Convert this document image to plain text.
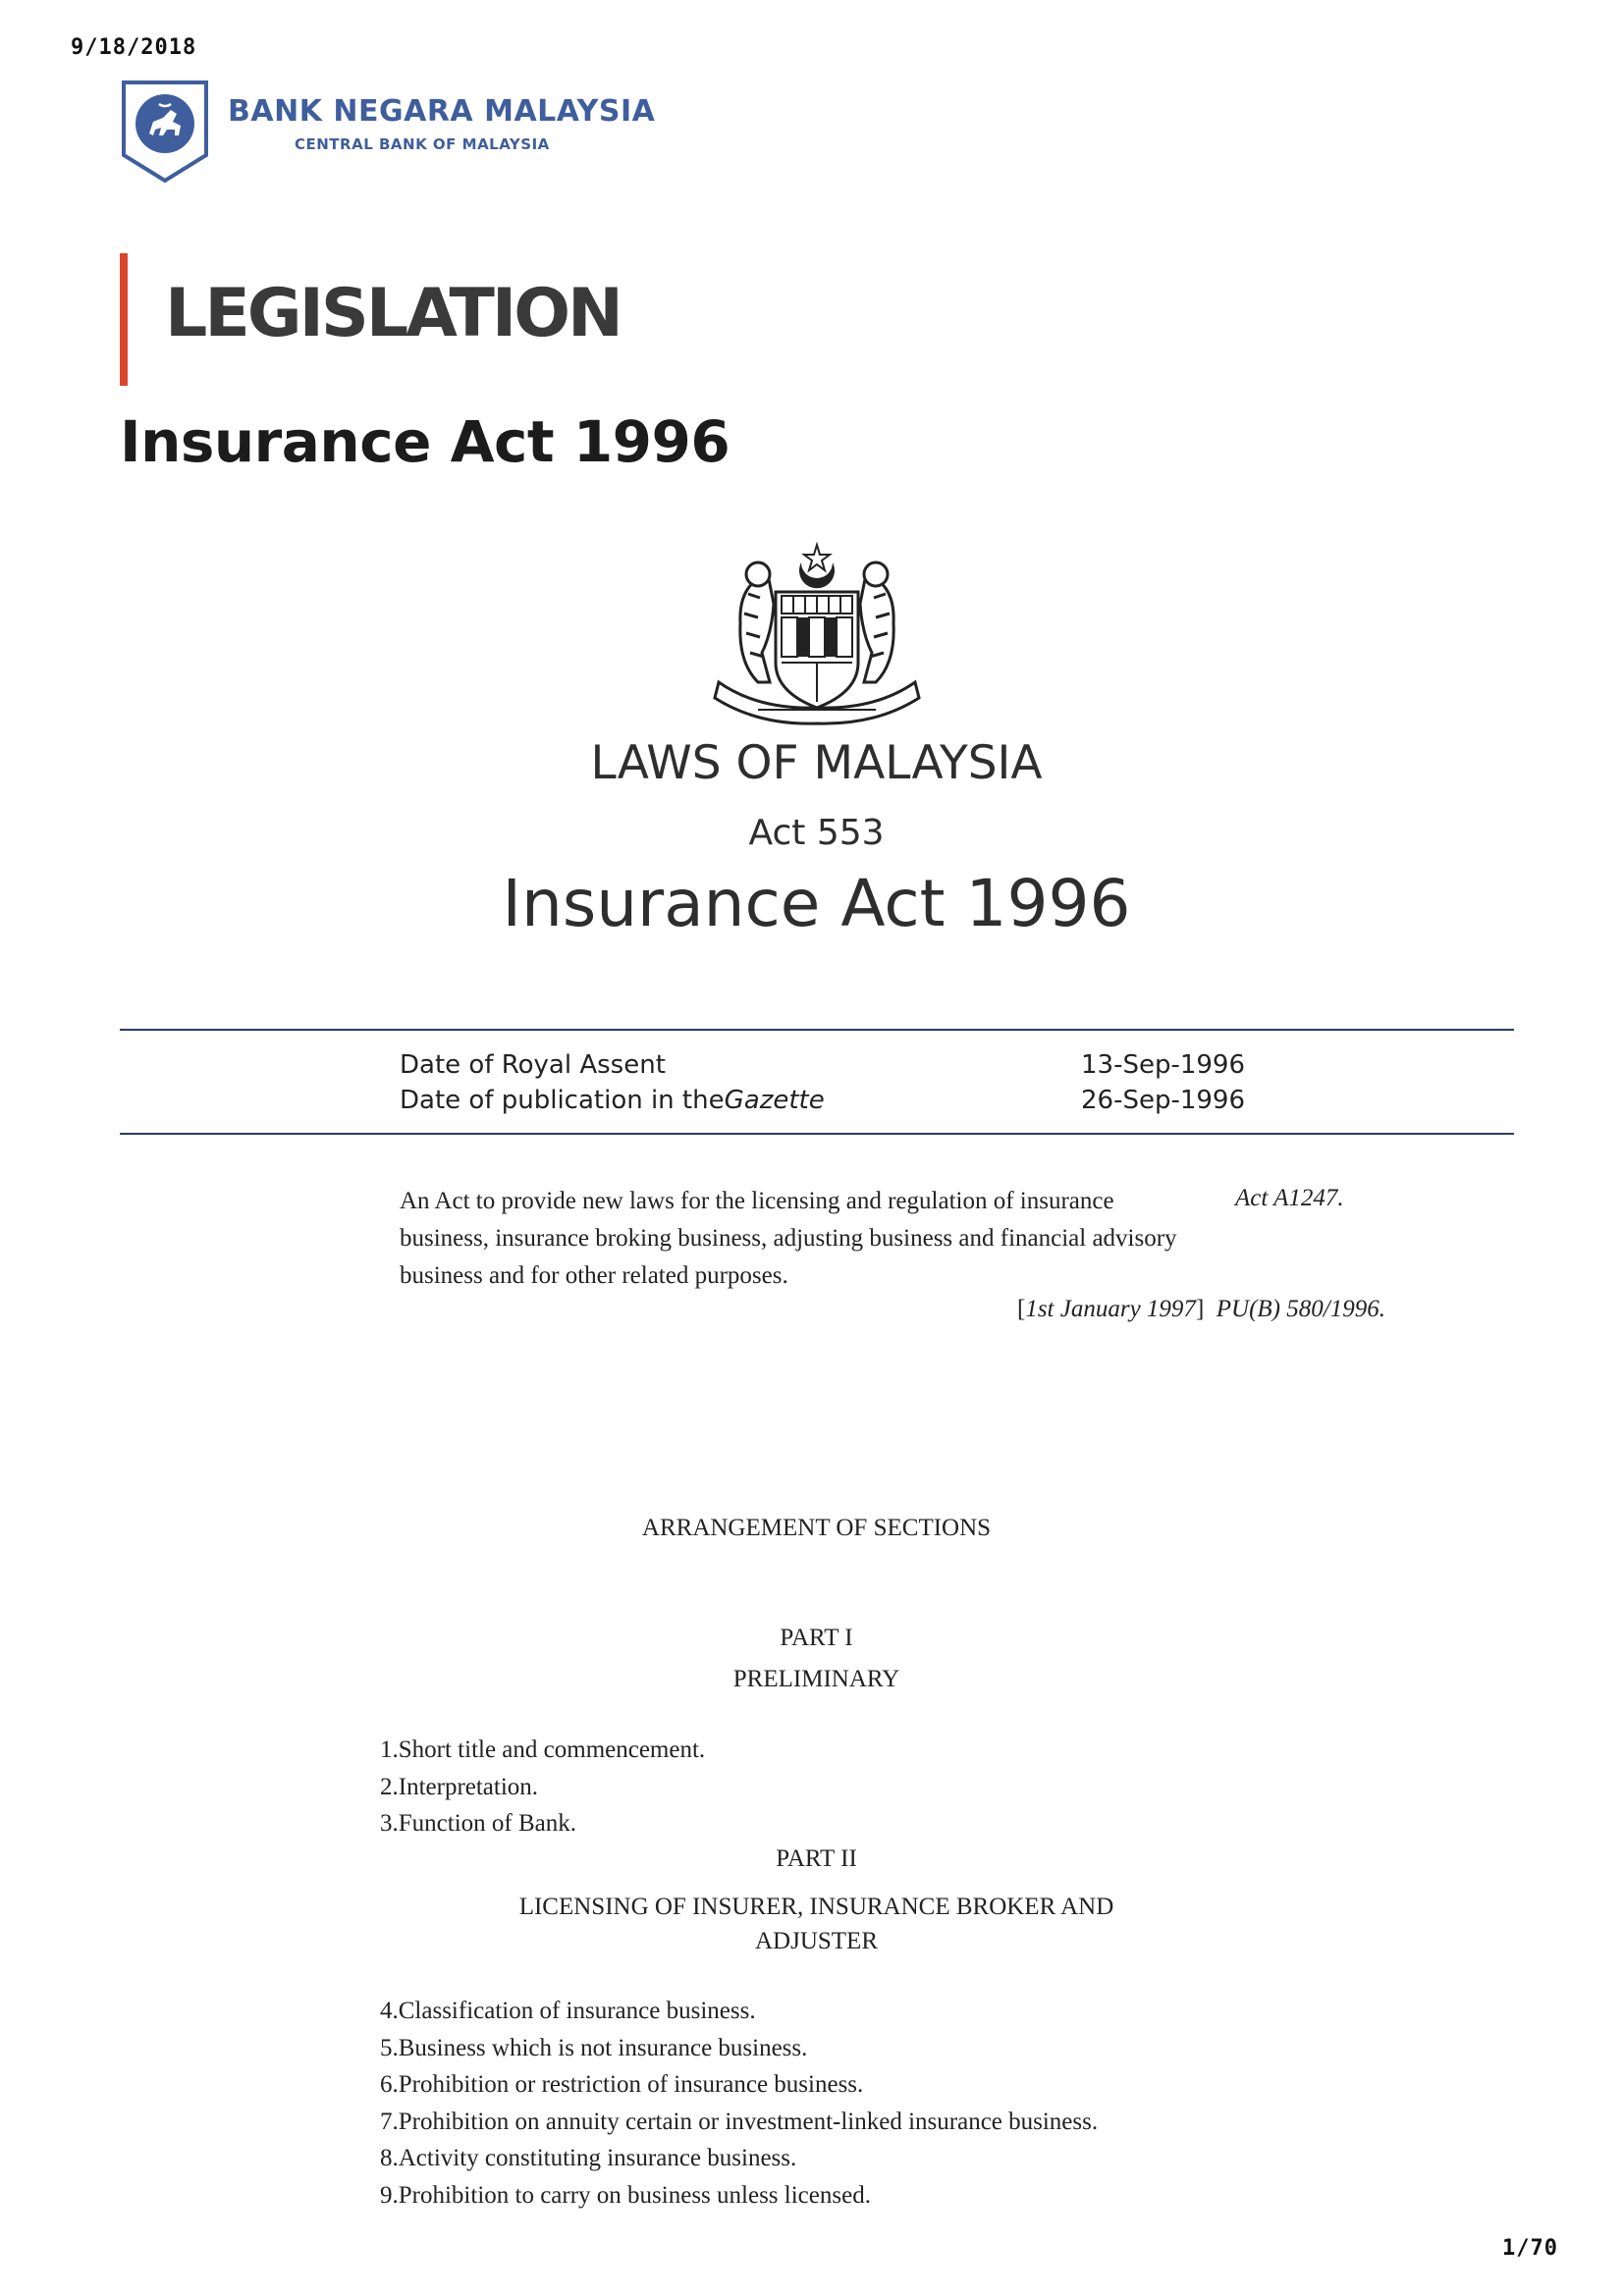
9/18/2018
1/70
BANK NEGARA MALAYSIA
CENTRAL BANK OF MALAYSIA
LEGISLATION
Insurance Act 1996
LAWS OF MALAYSIA
Act 553
Insurance Act 1996
Date of Royal Assent	13-Sep-1996
Date of publication in theGazette	26-Sep-1996
An Act to provide new laws for the licensing and regulation of insurance business, insurance broking business, adjusting business and financial advisory business and for other related purposes.
Act A1247.
[1st January 1997] PU(B) 580/1996.
ARRANGEMENT OF SECTIONS
PART I
PRELIMINARY
1.Short title and commencement.
2.Interpretation.
3.Function of Bank.
PART II
LICENSING OF INSURER, INSURANCE BROKER AND
ADJUSTER
4.Classification of insurance business.
5.Business which is not insurance business.
6.Prohibition or restriction of insurance business.
7.Prohibition on annuity certain or investment-linked insurance business.
8.Activity constituting insurance business.
9.Prohibition to carry on business unless licensed.
